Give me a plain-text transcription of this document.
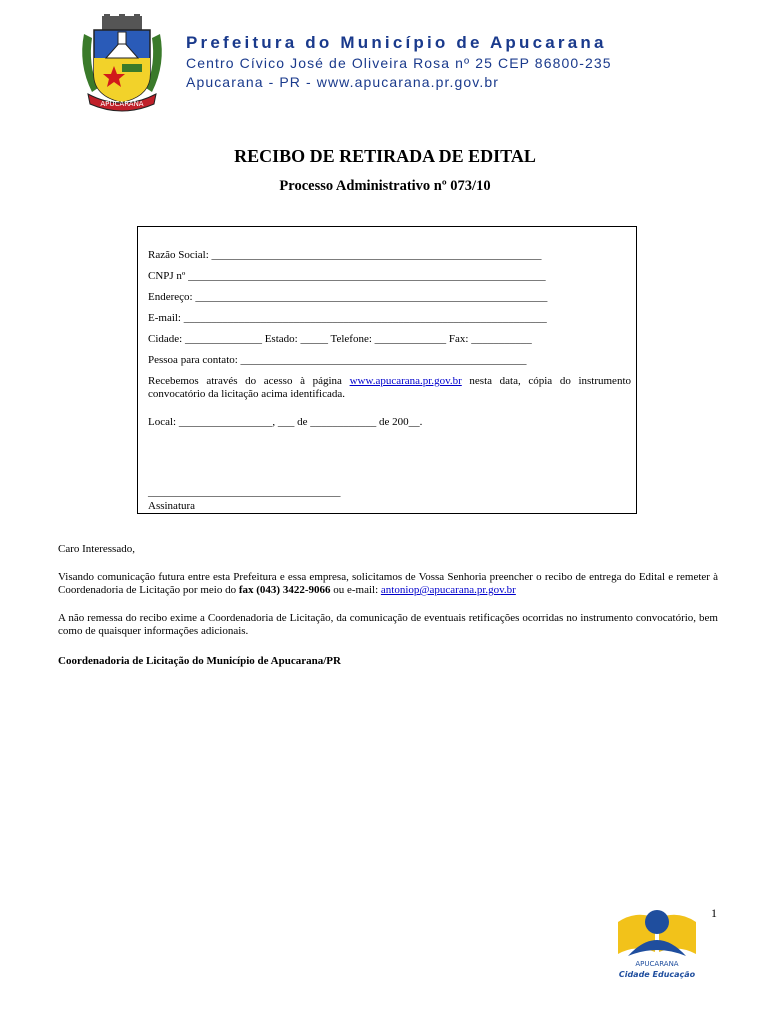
APUCARANA
Prefeitura do Município de Apucarana
Centro Cívico José de Oliveira Rosa nº 25 CEP 86800-235
Apucarana - PR - www.apucarana.pr.gov.br
RECIBO DE RETIRADA DE EDITAL
Processo Administrativo nº 073/10
Razão Social: ____________________________________________________________
CNPJ nº _________________________________________________________________
Endereço: ________________________________________________________________
E-mail: __________________________________________________________________
Cidade: ______________ Estado: _____ Telefone: _____________ Fax: ___________
Pessoa para contato: ____________________________________________________
Recebemos através do acesso à página www.apucarana.pr.gov.br nesta data, cópia do instrumento convocatório da licitação acima identificada.
Local: _________________, ___ de ____________ de 200__.
___________________________________
Assinatura
Caro Interessado,
Visando comunicação futura entre esta Prefeitura e essa empresa, solicitamos de Vossa Senhoria preencher o recibo de entrega do Edital e remeter à Coordenadoria de Licitação por meio do fax (043) 3422-9066 ou e-mail: antoniop@apucarana.pr.gov.br
A não remessa do recibo exime a Coordenadoria de Licitação, da comunicação de eventuais retificações ocorridas no instrumento convocatório, bem como de quaisquer informações adicionais.
Coordenadoria de Licitação do Município de Apucarana/PR
1
APUCARANA
Cidade Educação
